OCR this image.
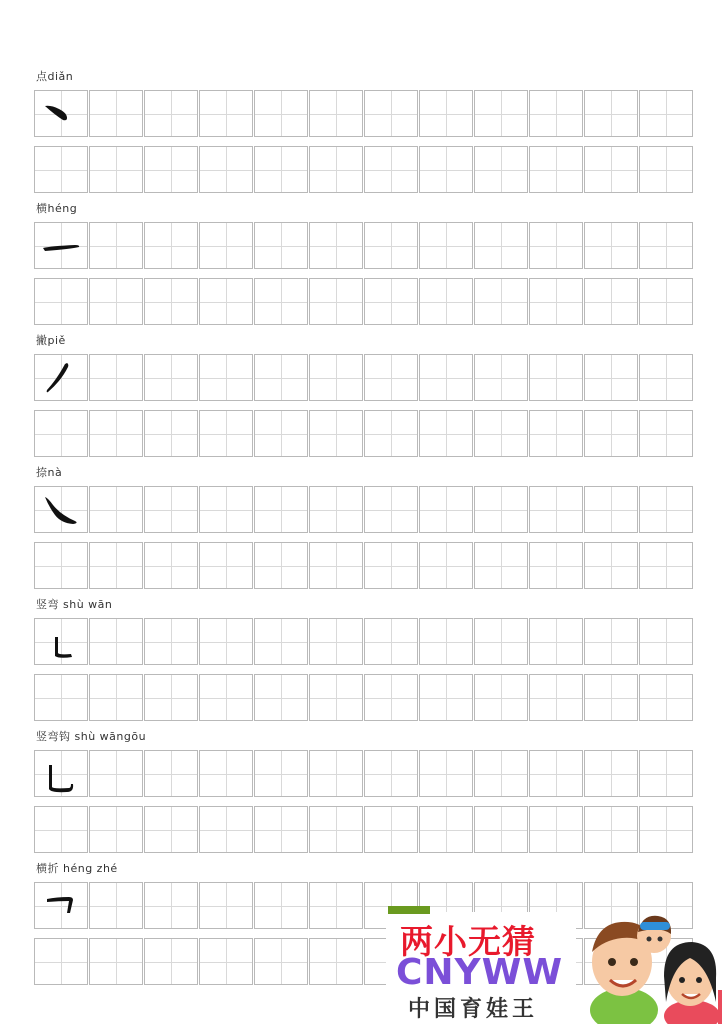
点diǎn
横héng
撇piě
捺nà
竖弯 shù wān
竖弯钩 shù wāngōu
横折 héng zhé
两小无猜
CNYWW
中国育娃王
